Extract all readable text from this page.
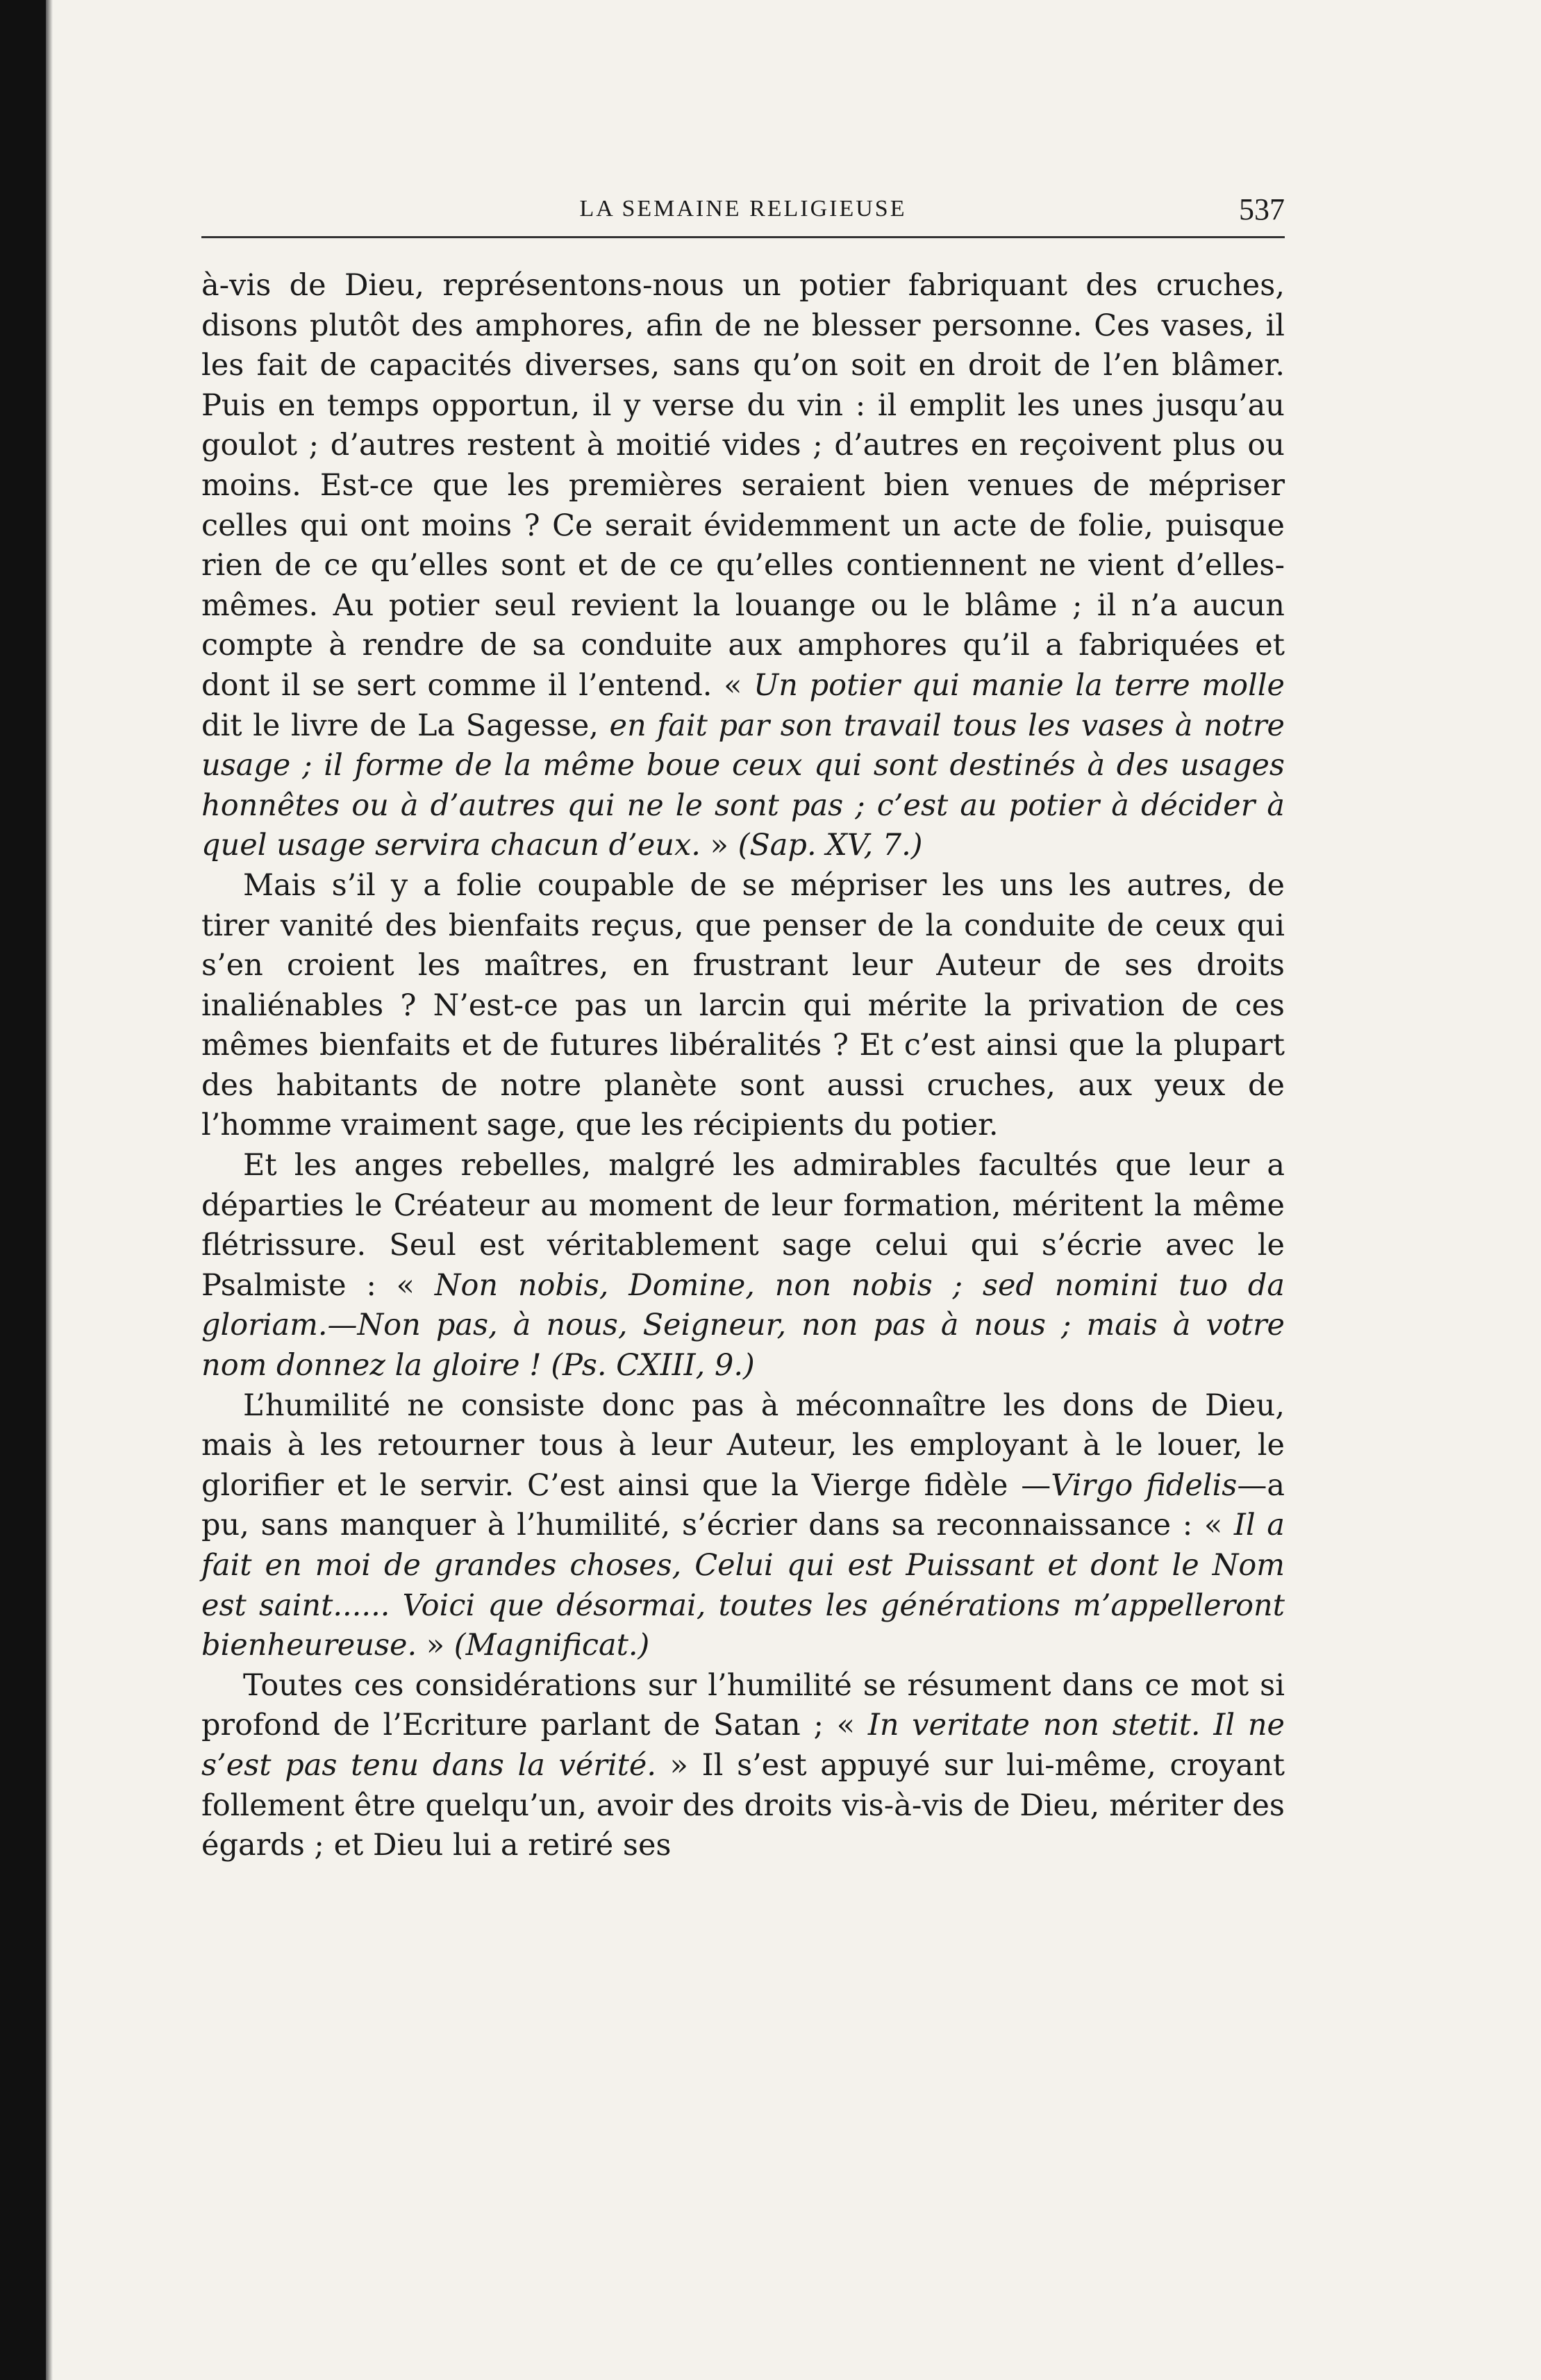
LA SEMAINE RELIGIEUSE	537

à-vis de Dieu, représentons-nous un potier fabriquant des cruches, disons plutôt des amphores, afin de ne blesser personne. Ces vases, il les fait de capacités diverses, sans qu’on soit en droit de l’en blâmer. Puis en temps opportun, il y verse du vin : il emplit les unes jusqu’au goulot ; d’autres restent à moitié vides ; d’autres en reçoivent plus ou moins. Est-ce que les premières seraient bien venues de mépriser celles qui ont moins ? Ce serait évidemment un acte de folie, puisque rien de ce qu’elles sont et de ce qu’elles contiennent ne vient d’elles-mêmes. Au potier seul revient la louange ou le blâme ; il n’a aucun compte à rendre de sa conduite aux amphores qu’il a fabriquées et dont il se sert comme il l’entend. « Un potier qui manie la terre molle dit le livre de La Sagesse, en fait par son travail tous les vases à notre usage ; il forme de la même boue ceux qui sont destinés à des usages honnêtes ou à d’autres qui ne le sont pas ; c’est au potier à décider à quel usage servira chacun d’eux. » (Sap. XV, 7.)

Mais s’il y a folie coupable de se mépriser les uns les autres, de tirer vanité des bienfaits reçus, que penser de la conduite de ceux qui s’en croient les maîtres, en frustrant leur Auteur de ses droits inaliénables ? N’est-ce pas un larcin qui mérite la privation de ces mêmes bienfaits et de futures libéralités ? Et c’est ainsi que la plupart des habitants de notre planète sont aussi cruches, aux yeux de l’homme vraiment sage, que les récipients du potier.

Et les anges rebelles, malgré les admirables facultés que leur a départies le Créateur au moment de leur formation, méritent la même flétrissure. Seul est véritablement sage celui qui s’écrie avec le Psalmiste : « Non nobis, Domine, non nobis ; sed nomini tuo da gloriam.—Non pas, à nous, Seigneur, non pas à nous ; mais à votre nom donnez la gloire ! (Ps. CXIII, 9.)

L’humilité ne consiste donc pas à méconnaître les dons de Dieu, mais à les retourner tous à leur Auteur, les employant à le louer, le glorifier et le servir. C’est ainsi que la Vierge fidèle —Virgo fidelis—a pu, sans manquer à l’humilité, s’écrier dans sa reconnaissance : « Il a fait en moi de grandes choses, Celui qui est Puissant et dont le Nom est saint...... Voici que désormai, toutes les générations m’appelleront bienheureuse. » (Magnificat.)

Toutes ces considérations sur l’humilité se résument dans ce mot si profond de l’Ecriture parlant de Satan ; « In veritate non stetit. Il ne s’est pas tenu dans la vérité. » Il s’est appuyé sur lui-même, croyant follement être quelqu’un, avoir des droits vis-à-vis de Dieu, mériter des égards ; et Dieu lui a retiré ses
